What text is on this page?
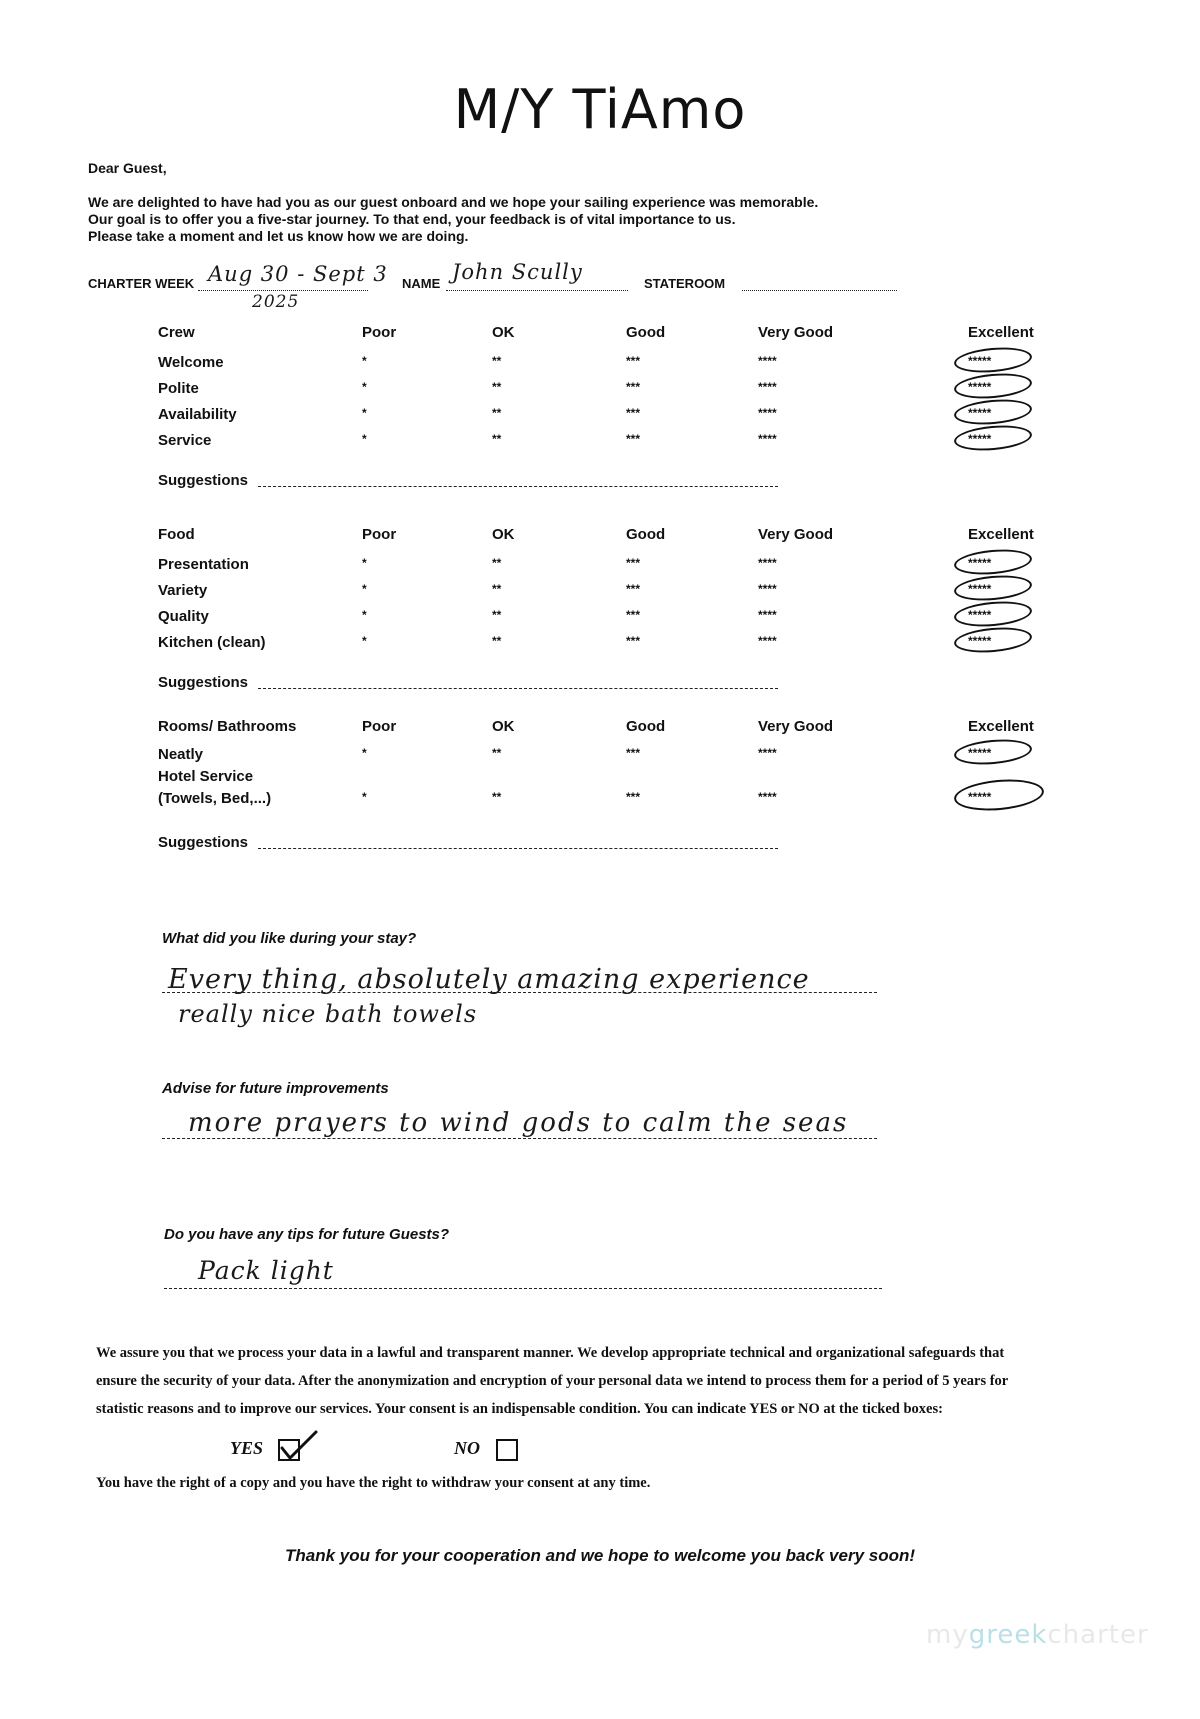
M/Y TiAmo
Dear Guest,
We are delighted to have had you as our guest onboard and we hope your sailing experience was memorable.
Our goal is to offer you a five-star journey. To that end, your feedback is of vital importance to us.
Please take a moment and let us know how we are doing.
CHARTER WEEK Aug 30 - Sept 3
2025
NAME John Scully	STATEROOM
Crew	Poor	OK	Good	Very Good	Excellent
Welcome	*	**	***	****	*****
Polite	*	**	***	****	*****
Availability	*	**	***	****	*****
Service	*	**	***	****	*****
Suggestions
Food	Poor	OK	Good	Very Good	Excellent
Presentation	*	**	***	****	*****
Variety	*	**	***	****	*****
Quality	*	**	***	****	*****
Kitchen (clean)	*	**	***	****	*****
Suggestions
Rooms/ Bathrooms	Poor	OK	Good	Very Good	Excellent
Neatly	*	**	***	****	*****
Hotel Service
(Towels, Bed,...)	*	**	***	****	*****
Suggestions
What did you like during your stay?
Every thing, absolutely amazing experience
really nice bath towels
Advise for future improvements
more prayers to wind gods to calm the seas
Do you have any tips for future Guests?
Pack light
We assure you that we process your data in a lawful and transparent manner. We develop appropriate technical and organizational safeguards that
ensure the security of your data. After the anonymization and encryption of your personal data we intend to process them for a period of 5 years for
statistic reasons and to improve our services. Your consent is an indispensable condition. You can indicate YES or NO at the ticked boxes:
YES	NO
You have the right of a copy and you have the right to withdraw your consent at any time.
Thank you for your cooperation and we hope to welcome you back very soon!
mygreekcharter
